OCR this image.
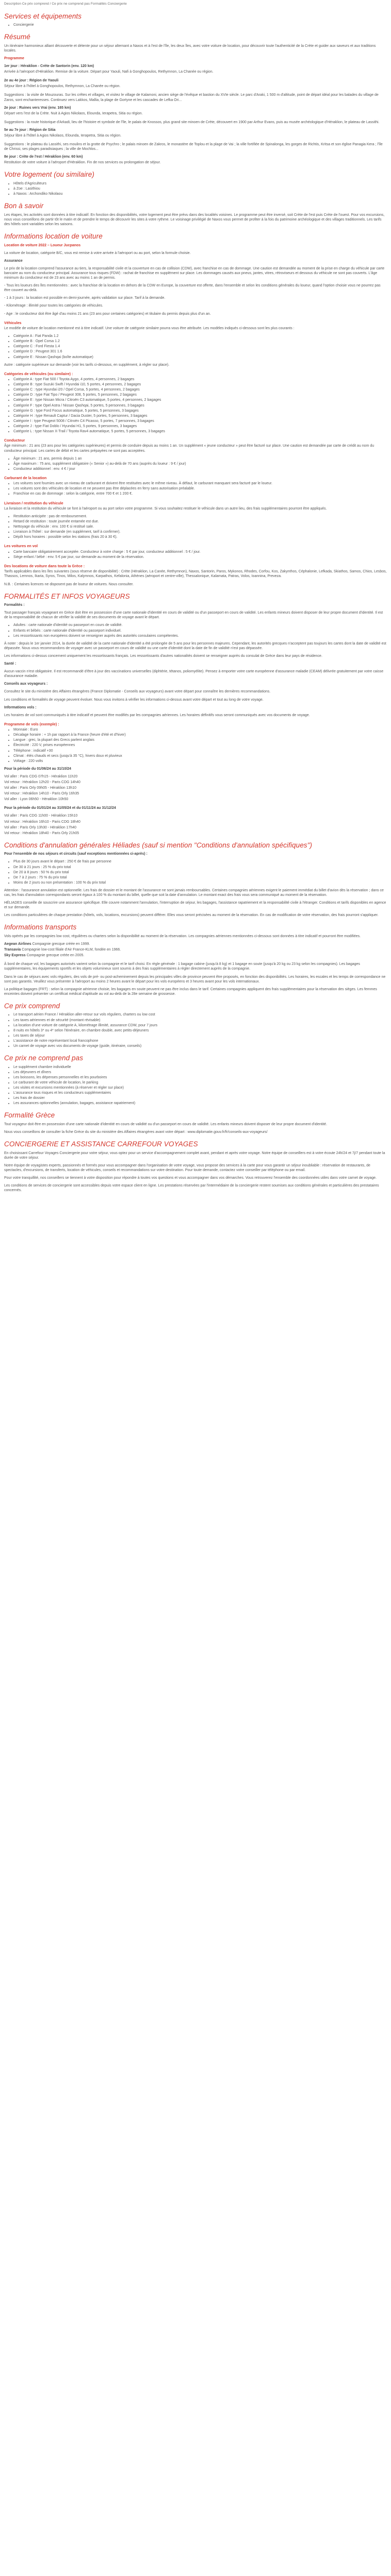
Description Ce prix comprend / Ce prix ne comprend pas Formalités Conciergerie
Services et équipements
• Conciergerie
Résumé

Un itinéraire harmonieux alliant découverte et détente pour un séjour alternant a Naxos et à l'est de l'île, les deux îles, avec votre voiture de location, pour découvrir toute l'authenticité de la Crète et guider aux saveurs et aux traditions locales.

Programme

1er jour : Héraklion - Crète de Santorin (env. 120 km)

Arrivée à l'aéroport d'Héraklion. Remise de la voiture. Départ pour Yaouli, Nafi à Gonghopoulos, Rethymnon, La Chanée ou région.

2e au 4e jour : Région de Yaouli

Séjour libre à l'hôtel à Gonghopoulos, Rethymnon, La Chanée ou région.

Suggestions : la visite de Mouzouras. Sur les crêtes et villages, et visitez le village de Kalamoni, ancien siège de l'évêque et bastion du XVIe siècle. Le parc d'Araki, 1 500 m d'altitude, point de départ idéal pour les balades du village de Zaros, sont enchanteresses. Continuez vers Lakkos, Mallia, la plage de Gortyne et les cascades de Lefka Ori...

2e jour : Ruines vers Vrai (env. 165 km)

Départ vers l'est de la Crète. Nuit à Agios Nikolaos, Elounda, Ierapetra, Sitia ou région.

Suggestions : la route historique d'Arkadi, lieu de l'histoire et symbole de l'île, le palais de Knossos, plus grand site minoen de Crète, découvert en 1900 par Arthur Evans, puis au musée archéologique d'Héraklion, le plateau de Lassithi.

5e au 7e jour : Région de Sitia

Séjour libre à l'hôtel à Agios Nikolaos, Elounda, Ierapetra, Sitia ou région.

Suggestions : le plateau du Lassithi, ses moulins et la grotte de Psychro ; le palais minoen de Zakros, le monastère de Toplou et la plage de Vai ; la ville fortifiée de Spinalonga, les gorges de Richtis, Kritsa et son église Panagia Kera ; l'île de Chrissi, ses plages paradisiaques ; la ville de Mochlos...

8e jour : Crète de l'est / Héraklion (env. 60 km)

Restitution de votre voiture à l'aéroport d'Héraklion. Fin de nos services ou prolongation de séjour.

Votre logement (ou similaire)
• Hôtels d'Agriculteurs
• à Zoe : Lasithiou
• à Naxos : Archondiko Nikolaou
Bon à savoir

Les étapes, les activités sont données à titre indicatif. En fonction des disponibilités, votre logement peut être prévu dans des localités voisines. Le programme peut être inversé, soit Crète de l'est puis Crète de l'ouest. Pour vos excursions, nous vous conseillons de partir tôt le matin et de prendre le temps de découvrir les sites à votre rythme. Le voisinage privilégié de Naxos vous permet de profiter à la fois du patrimoine archéologique et des villages traditionnels. Les tarifs des hôtels sont variables selon les saisons.

Informations location de voiture

Location de voiture 2022 – Loueur Jucpanos

La voiture de location, catégorie B/C, vous est remise à votre arrivée à l'aéroport ou au port, selon la formule choisie.

Assurance

Le prix de la location comprend l'assurance au tiers, la responsabilité civile et la couverture en cas de collision (CDW), avec franchise en cas de dommage. Une caution est demandée au moment de la prise en charge du véhicule par carte bancaire au nom du conducteur principal. Assurance tous risques (FDW) : rachat de franchise en supplément sur place. Les dommages causés aux pneus, jantes, vitres, rétroviseurs et dessous du véhicule ne sont pas couverts. L'âge minimum du conducteur est de 23 ans avec au moins 1 an de permis.

- Tous les loueurs des îles mentionnées : avec la franchise de la location en dehors de la CDW en Europe, la couverture est offerte, dans l'ensemble et selon les conditions générales du loueur, quand l'option choisie vous ne pourrez pas être couvert au-delà.

- 1 à 3 jours : la location est possible en demi-journée, après validation sur place. Tarif à la demande.

- Kilométrage : illimité pour toutes les catégories de véhicules.

- Age : le conducteur doit être âgé d'au moins 21 ans (23 ans pour certaines catégories) et titulaire du permis depuis plus d'un an.

Véhicules

Le modèle de voiture de location mentionné est à titre indicatif. Une voiture de catégorie similaire pourra vous être attribuée. Les modèles indiqués ci-dessous sont les plus courants :

• Catégorie A : Fiat Panda 1.2
• Catégorie B : Opel Corsa 1.2
• Catégorie C : Ford Fiesta 1.4
• Catégorie D : Peugeot 301 1.6
• Catégorie E : Nissan Qashqai (boîte automatique)

Autre : catégorie supérieure sur demande (voir les tarifs ci-dessous, en supplément, à régler sur place).

Catégories de véhicules (ou similaire) :

• Catégorie A : type Fiat 500 / Toyota Aygo, 4 portes, 4 personnes, 2 bagages
• Catégorie B : type Suzuki Swift / Hyundai i10, 5 portes, 4 personnes, 2 bagages
• Catégorie C : type Hyundai i20 / Opel Corsa, 5 portes, 4 personnes, 2 bagages
• Catégorie D : type Fiat Tipo / Peugeot 308, 5 portes, 5 personnes, 2 bagages
• Catégorie E : type Nissan Micra / Citroën C3 automatique, 5 portes, 4 personnes, 2 bagages
• Catégorie F : type Opel Astra / Nissan Qashqai, 5 portes, 5 personnes, 3 bagages
• Catégorie G : type Ford Focus automatique, 5 portes, 5 personnes, 3 bagages
• Catégorie H : type Renault Captur / Dacia Duster, 5 portes, 5 personnes, 3 bagages
• Catégorie I : type Peugeot 5008 / Citroën C4 Picasso, 5 portes, 7 personnes, 3 bagages
• Catégorie J : type Fiat Doblo / Hyundai H1, 5 portes, 9 personnes, 3 bagages
• Catégorie L : type Nissan X-Trail / Toyota Rav4 automatique, 5 portes, 5 personnes, 3 bagages

Conducteur

Âge minimum : 21 ans (23 ans pour les catégories supérieures) et permis de conduire depuis au moins 1 an. Un supplément « jeune conducteur » peut être facturé sur place. Une caution est demandée par carte de crédit au nom du conducteur principal. Les cartes de débit et les cartes prépayées ne sont pas acceptées.

• Âge minimum : 21 ans, permis depuis 1 an
• Âge maximum : 75 ans, supplément obligatoire (« Senior ») au-delà de 70 ans (auprès du loueur : 9 € / jour)
• Conducteur additionnel : env. 4 € / jour

Carburant de la location

• Les voitures sont fournies avec un niveau de carburant et doivent être restituées avec le même niveau. À défaut, le carburant manquant sera facturé par le loueur.
• Les voitures sont des véhicules de location et ne peuvent pas être déplacées en ferry sans autorisation préalable.
• Franchise en cas de dommage : selon la catégorie, entre 700 € et 1 200 €.

Livraison / restitution du véhicule

La livraison et la restitution du véhicule se font à l'aéroport ou au port selon votre programme. Si vous souhaitez restituer le véhicule dans un autre lieu, des frais supplémentaires pourront être appliqués.

• Restitution anticipée : pas de remboursement.
• Retard de restitution : toute journée entamée est due.
• Nettoyage du véhicule : env. 100 € si restitué sale.
• Livraison à l'hôtel : sur demande (en supplément, tarif à confirmer).
• Dépôt hors horaires : possible selon les stations (frais 20 à 30 €).

Les voitures en vol

• Carte bancaire obligatoirement acceptée. Conducteur à votre charge : 5 € par jour, conducteur additionnel : 5 € / jour.
• Siège enfant / bébé : env. 5 € par jour, sur demande au moment de la réservation.

Des locations de voiture dans toute la Grèce :

Tarifs applicables dans les îles suivantes (sous réserve de disponibilité) : Crète (Héraklion, La Canée, Rethymnon), Naxos, Santorin, Paros, Mykonos, Rhodes, Corfou, Kos, Zakynthos, Céphalonie, Lefkada, Skiathos, Samos, Chios, Lesbos, Thassos, Lemnos, Ikaria, Syros, Tinos, Milos, Kalymnos, Karpathos, Kefalonia, Athènes (aéroport et centre-ville), Thessalonique, Kalamata, Patras, Volos, Ioannina, Preveza.

N.B. : Certaines licences ne disposent pas de loueur de voitures. Nous consulter.

FORMALITÉS ET INFOS VOYAGEURS

Formalités :

Tout passager français voyageant en Grèce doit être en possession d'une carte nationale d'identité en cours de validité ou d'un passeport en cours de validité. Les enfants mineurs doivent disposer de leur propre document d'identité. Il est de la responsabilité de chacun de vérifier la validité de ses documents de voyage avant le départ.

• Adultes : carte nationale d'identité ou passeport en cours de validité.
• Enfants et bébés : carte nationale d'identité ou passeport individuel.
• Les ressortissants non européens doivent se renseigner auprès des autorités consulaires compétentes.

À noter : depuis le 1er janvier 2014, la durée de validité de la carte nationale d'identité a été prolongée de 5 ans pour les personnes majeures. Cependant, les autorités grecques n'acceptent pas toujours les cartes dont la date de validité est dépassée. Nous vous recommandons de voyager avec un passeport en cours de validité ou une carte d'identité dont la date de fin de validité n'est pas dépassée.

Les informations ci-dessus concernent uniquement les ressortissants français. Les ressortissants d'autres nationalités doivent se renseigner auprès du consulat de Grèce dans leur pays de résidence.

Santé :

Aucun vaccin n'est obligatoire. Il est recommandé d'être à jour des vaccinations universelles (diphtérie, tétanos, poliomyélite). Pensez à emporter votre carte européenne d'assurance maladie (CEAM) délivrée gratuitement par votre caisse d'assurance maladie.

Conseils aux voyageurs :

Consultez le site du ministère des Affaires étrangères (France Diplomatie - Conseils aux voyageurs) avant votre départ pour connaître les dernières recommandations.

Les conditions et formalités de voyage peuvent évoluer. Nous vous invitons à vérifier les informations ci-dessus avant votre départ et tout au long de votre voyage.

Informations vols :

Les horaires de vol sont communiqués à titre indicatif et peuvent être modifiés par les compagnies aériennes. Les horaires définitifs vous seront communiqués avec vos documents de voyage.

Programme de vols (exemple) :

• Monnaie : Euro
• Décalage horaire : + 1h par rapport à la France (heure d'été et d'hiver)
• Langue : grec, la plupart des Grecs parlent anglais
• Électricité : 220 V, prises européennes
• Téléphone : indicatif +30
• Climat : étés chauds et secs (jusqu'à 35 °C), hivers doux et pluvieux
• Voltage : 220 volts

Pour la période du 01/06/24 au 31/10/24

Vol aller : Paris CDG 07h15 - Héraklion 11h20

Vol retour : Héraklion 12h20 - Paris CDG 14h40

Vol aller : Paris Orly 09h05 - Héraklion 13h10

Vol retour : Héraklion 14h10 - Paris Orly 16h35

Vol aller : Lyon 06h50 - Héraklion 10h50

Pour la période du 01/01/24 au 31/05/24 et du 01/11/24 au 31/12/24

Vol aller : Paris CDG 11h00 - Héraklion 15h10

Vol retour : Héraklion 16h10 - Paris CDG 18h40

Vol aller : Paris Orly 13h30 - Héraklion 17h40

Vol retour : Héraklion 18h40 - Paris Orly 21h05

Conditions d'annulation générales Héliades (sauf si mention "Conditions d'annulation spécifiques")

Pour l'ensemble de nos séjours et circuits (sauf exceptions mentionnées ci-après) :

• Plus de 30 jours avant le départ : 250 € de frais par personne
• De 30 à 21 jours : 25 % du prix total
• De 20 à 8 jours : 50 % du prix total
• De 7 à 2 jours : 75 % du prix total
• Moins de 2 jours ou non présentation : 100 % du prix total

Attention : l'assurance annulation est optionnelle. Les frais de dossier et le montant de l'assurance ne sont jamais remboursables. Certaines compagnies aériennes exigent le paiement immédiat du billet d'avion dès la réservation ; dans ce cas, les frais d'annulation correspondants seront égaux à 100 % du montant du billet, quelle que soit la date d'annulation. Le montant exact des frais vous sera communiqué au moment de la réservation.

HÉLIADES conseille de souscrire une assurance spécifique. Elle couvre notamment l'annulation, l'interruption de séjour, les bagages, l'assistance rapatriement et la responsabilité civile à l'étranger. Conditions et tarifs disponibles en agence et sur demande.

Les conditions particulières de chaque prestation (hôtels, vols, locations, excursions) peuvent différer. Elles vous seront précisées au moment de la réservation. En cas de modification de votre réservation, des frais pourront s'appliquer.

Informations transports

Vols opérés par les compagnies low cost, régulières ou charters selon la disponibilité au moment de la réservation. Les compagnies aériennes mentionnées ci-dessous sont données à titre indicatif et pourront être modifiées.

Aegean Airlines Compagnie grecque créée en 1999.

Transavia Compagnie low-cost filiale d'Air France-KLM, fondée en 1966.

Sky Express Compagnie grecque créée en 2005.

À bord de chaque vol, les bagages autorisés varient selon la compagnie et le tarif choisi. En règle générale : 1 bagage cabine (jusqu'à 8 kg) et 1 bagage en soute (jusqu'à 20 kg ou 23 kg selon les compagnies). Les bagages supplémentaires, les équipements sportifs et les objets volumineux sont soumis à des frais supplémentaires à régler directement auprès de la compagnie.

Dans le cas de séjours avec vols réguliers, des vols de pré- ou post-acheminement depuis les principales villes de province peuvent être proposés, en fonction des disponibilités. Les horaires, les escales et les temps de correspondance ne sont pas garantis. Veuillez vous présenter à l'aéroport au moins 2 heures avant le départ pour les vols européens et 3 heures avant pour les vols internationaux.

La politique bagages (FRT) : selon la compagnie aérienne choisie, les bagages en soute peuvent ne pas être inclus dans le tarif. Certaines compagnies appliquent des frais supplémentaires pour la réservation des sièges. Les femmes enceintes doivent présenter un certificat médical d'aptitude au vol au-delà de la 28e semaine de grossesse.

Ce prix comprend
• Le transport aérien France / Héraklion aller-retour sur vols réguliers, charters ou low cost
• Les taxes aériennes et de sécurité (montant révisable)
• La location d'une voiture de catégorie A, kilométrage illimité, assurance CDW, pour 7 jours
• 8 nuits en hôtels 3* ou 4* selon l'itinéraire, en chambre double, avec petits-déjeuners
• Les taxes de séjour
• L'assistance de notre représentant local francophone
• Un carnet de voyage avec vos documents de voyage (guide, itinéraire, conseils)
Ce prix ne comprend pas
• Le supplément chambre individuelle
• Les déjeuners et dîners
• Les boissons, les dépenses personnelles et les pourboires
• Le carburant de votre véhicule de location, le parking
• Les visites et excursions mentionnées (à réserver et régler sur place)
• L'assurance tous risques et les conducteurs supplémentaires
• Les frais de dossier
• Les assurances optionnelles (annulation, bagages, assistance rapatriement)
Formalité Grèce

Tout voyageur doit être en possession d'une carte nationale d'identité en cours de validité ou d'un passeport en cours de validité. Les enfants mineurs doivent disposer de leur propre document d'identité.

Nous vous conseillons de consulter la fiche Grèce du site du ministère des Affaires étrangères avant votre départ : www.diplomatie.gouv.fr/fr/conseils-aux-voyageurs/

CONCIERGERIE ET ASSISTANCE CARREFOUR VOYAGES

En choisissant Carrefour Voyages Conciergerie pour votre séjour, vous optez pour un service d'accompagnement complet avant, pendant et après votre voyage. Notre équipe de conseillers est à votre écoute 24h/24 et 7j/7 pendant toute la durée de votre séjour.

Notre équipe de voyagistes experts, passionnés et formés pour vous accompagner dans l'organisation de votre voyage, vous propose des services à la carte pour vous garantir un séjour inoubliable : réservation de restaurants, de spectacles, d'excursions, de transferts, location de véhicules, conseils et recommandations sur votre destination. Pour toute demande, contactez votre conseiller par téléphone ou par email.

Pour votre tranquillité, nos conseillers se tiennent à votre disposition pour répondre à toutes vos questions et vous accompagner dans vos démarches. Vous retrouverez l'ensemble des coordonnées utiles dans votre carnet de voyage.

Les conditions de services de conciergerie sont accessibles depuis votre espace client en ligne. Les prestations réservées par l'intermédiaire de la conciergerie restent soumises aux conditions générales et particulières des prestataires concernés.
